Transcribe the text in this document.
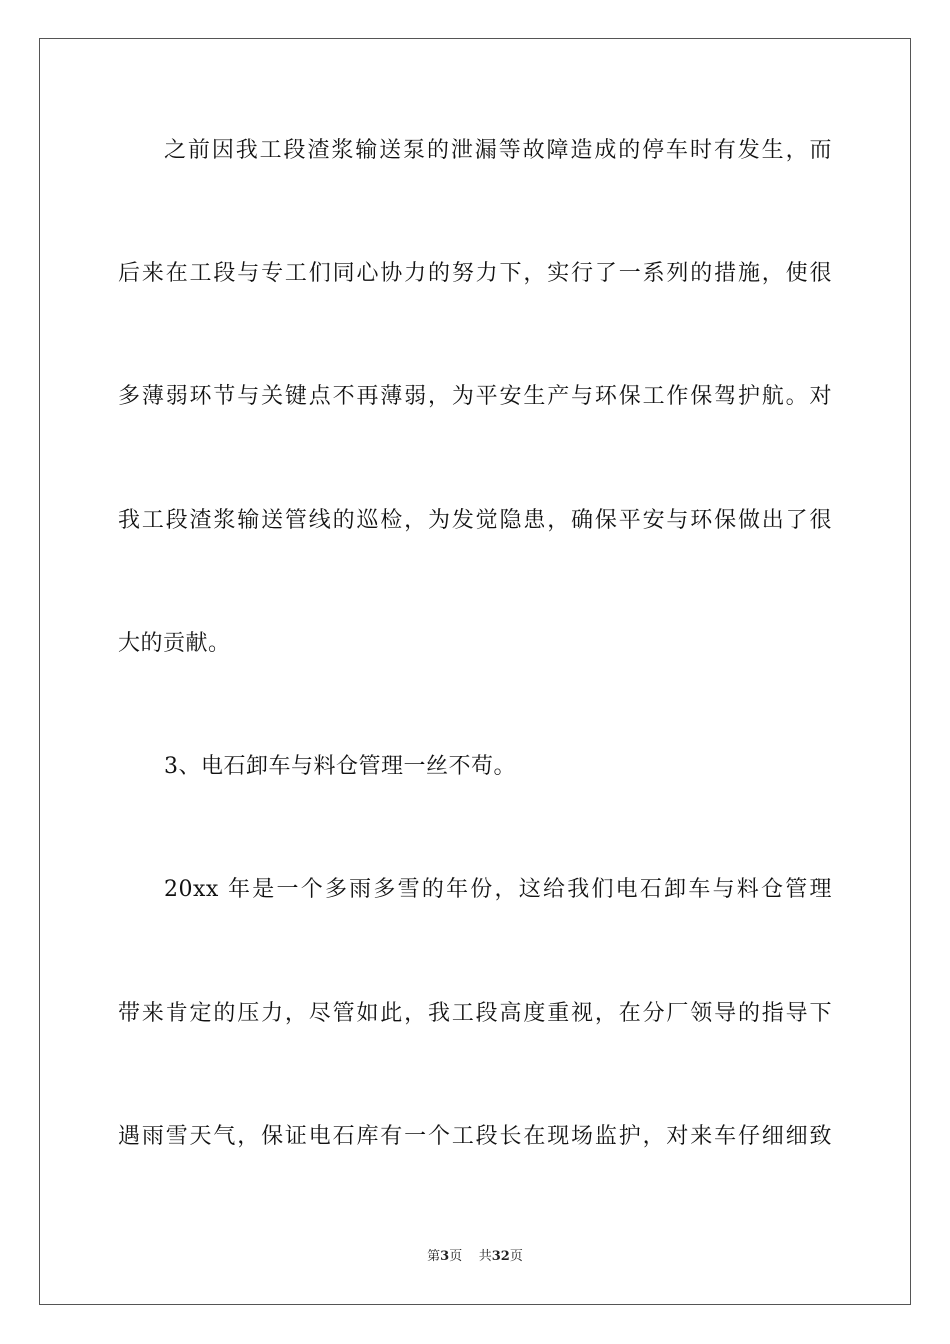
之前因我工段渣浆输送泵的泄漏等故障造成的停车时有发生，而
后来在工段与专工们同心协力的努力下，实行了一系列的措施，使很
多薄弱环节与关键点不再薄弱，为平安生产与环保工作保驾护航。对
我工段渣浆输送管线的巡检，为发觉隐患，确保平安与环保做出了很
大的贡献。
3、电石卸车与料仓管理一丝不苟。
20xx 年是一个多雨多雪的年份，这给我们电石卸车与料仓管理
带来肯定的压力，尽管如此，我工段高度重视，在分厂领导的指导下
遇雨雪天气，保证电石库有一个工段长在现场监护，对来车仔细细致
第3页 共32页
